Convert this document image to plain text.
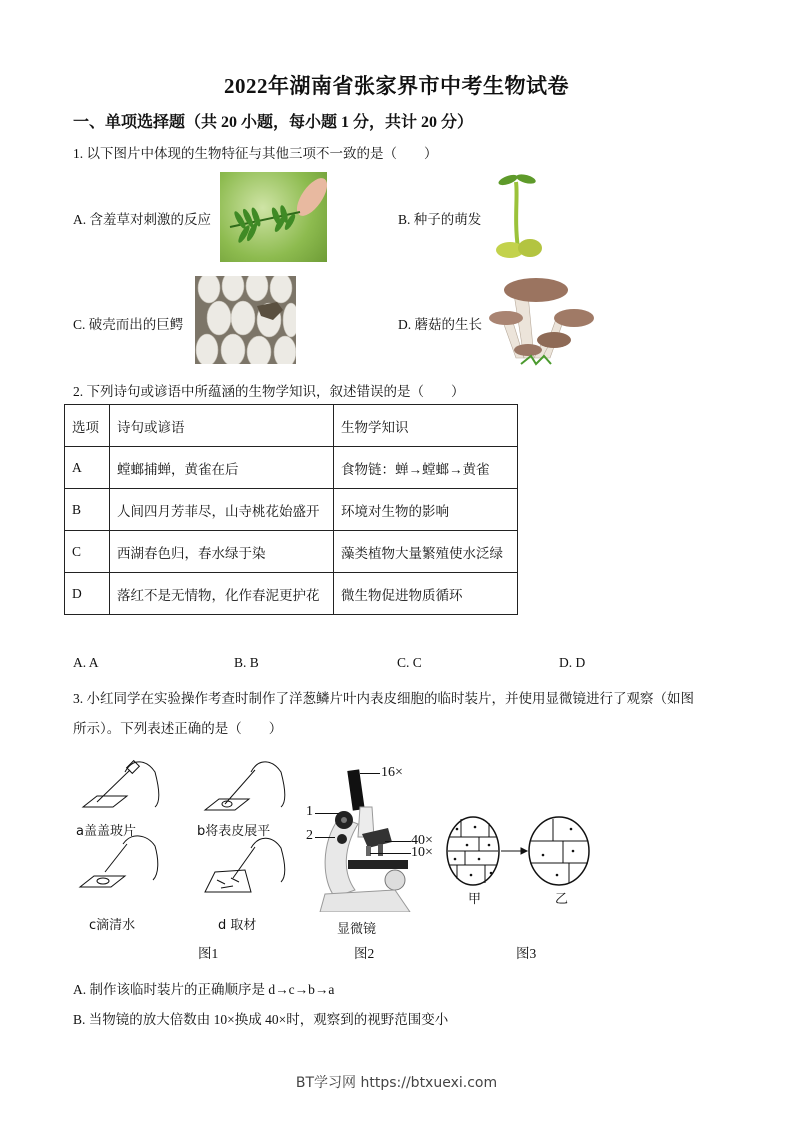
2022年湖南省张家界市中考生物试卷
一、单项选择题（共 20 小题，每小题 1 分，共计 20 分）
1. 以下图片中体现的生物特征与其他三项不一致的是（　　）
A. 含羞草对刺激的反应	B. 种子的萌发
C. 破壳而出的巨鳄	D. 蘑菇的生长
2. 下列诗句或谚语中所蕴涵的生物学知识，叙述错误的是（　　）
选项	诗句或谚语	生物学知识
A	螳螂捕蝉，黄雀在后	食物链：蝉→螳螂→黄雀
B	人间四月芳菲尽，山寺桃花始盛开	环境对生物的影响
C	西湖春色归，春水绿于染	藻类植物大量繁殖使水泛绿
D	落红不是无情物，化作春泥更护花	微生物促进物质循环
A. A	B. B	C. C	D. D
3. 小红同学在实验操作考查时制作了洋葱鳞片叶内表皮细胞的临时装片，并使用显微镜进行了观察（如图
所示）。下列表述正确的是（　　）
a盖盖玻片	b将表皮展平
c滴清水	d 取材
图1
16×
1
2	40×
10×
显微镜
图2
甲	乙
图3
A. 制作该临时装片的正确顺序是 d→c→b→a
B. 当物镜的放大倍数由 10×换成 40×时，观察到的视野范围变小
BT学习网 https://btxuexi.com
